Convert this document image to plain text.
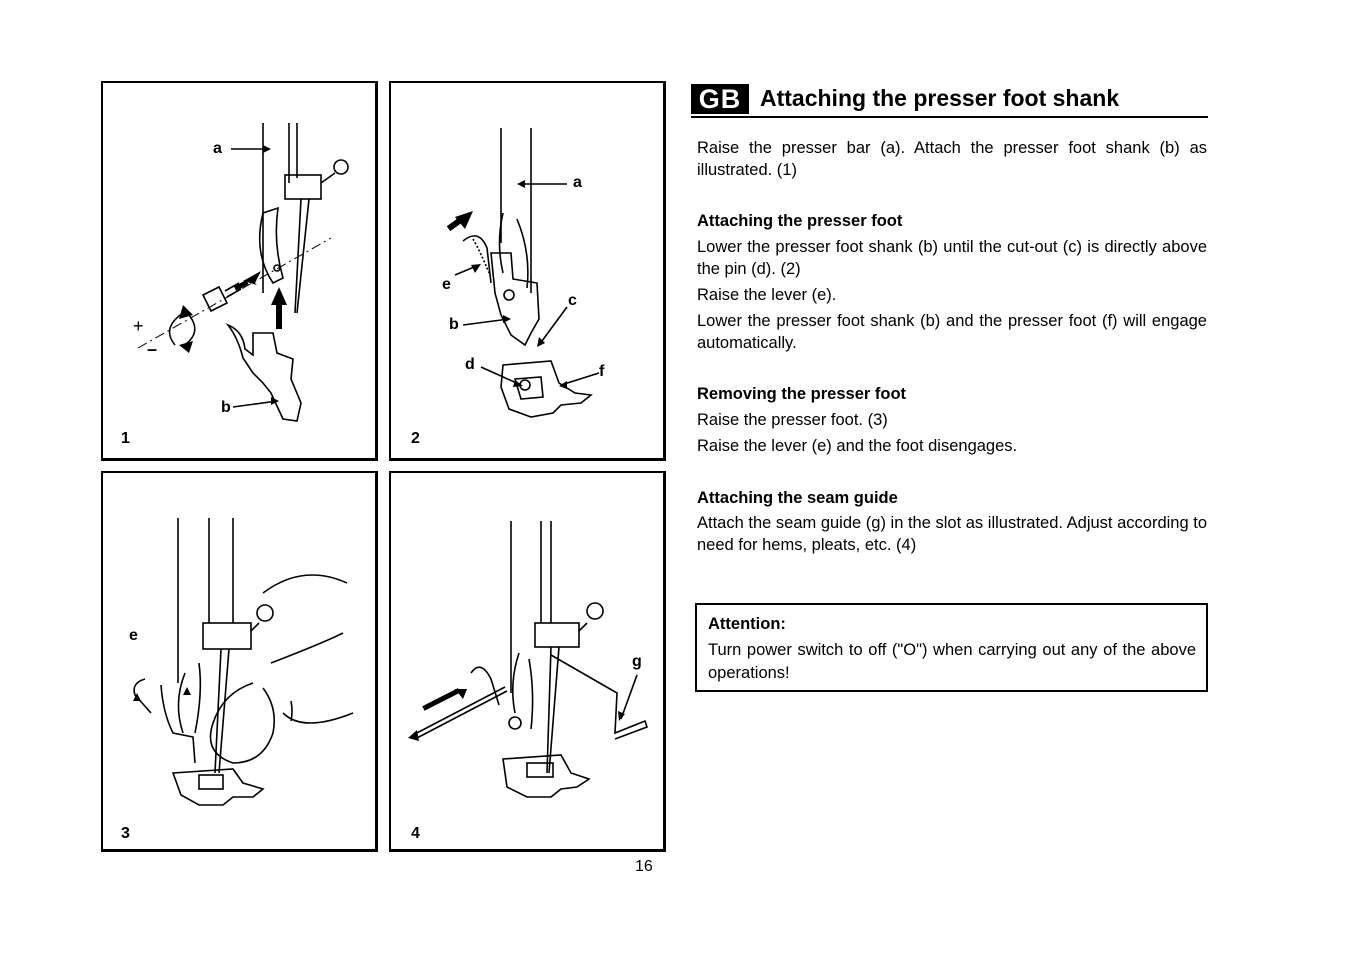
a
b
+
–
1
a
e
c
b
d	f
2
e
3
g
4
16
GB Attaching the presser foot shank
Raise the presser bar (a). Attach the presser foot shank (b) as illustrated. (1)
Attaching the presser foot
Lower the presser foot shank (b) until the cut-out (c) is directly above the pin (d). (2)
Raise the lever (e).
Lower the presser foot shank (b) and the presser foot (f) will engage automatically.
Removing the presser foot
Raise the presser foot. (3)
Raise the lever (e) and the foot disengages.
Attaching the seam guide
Attach the seam guide (g) in the slot as illustrated. Adjust according to need for hems, pleats, etc. (4)
Attention:
Turn power switch to off ("O") when carrying out any of the above operations!
